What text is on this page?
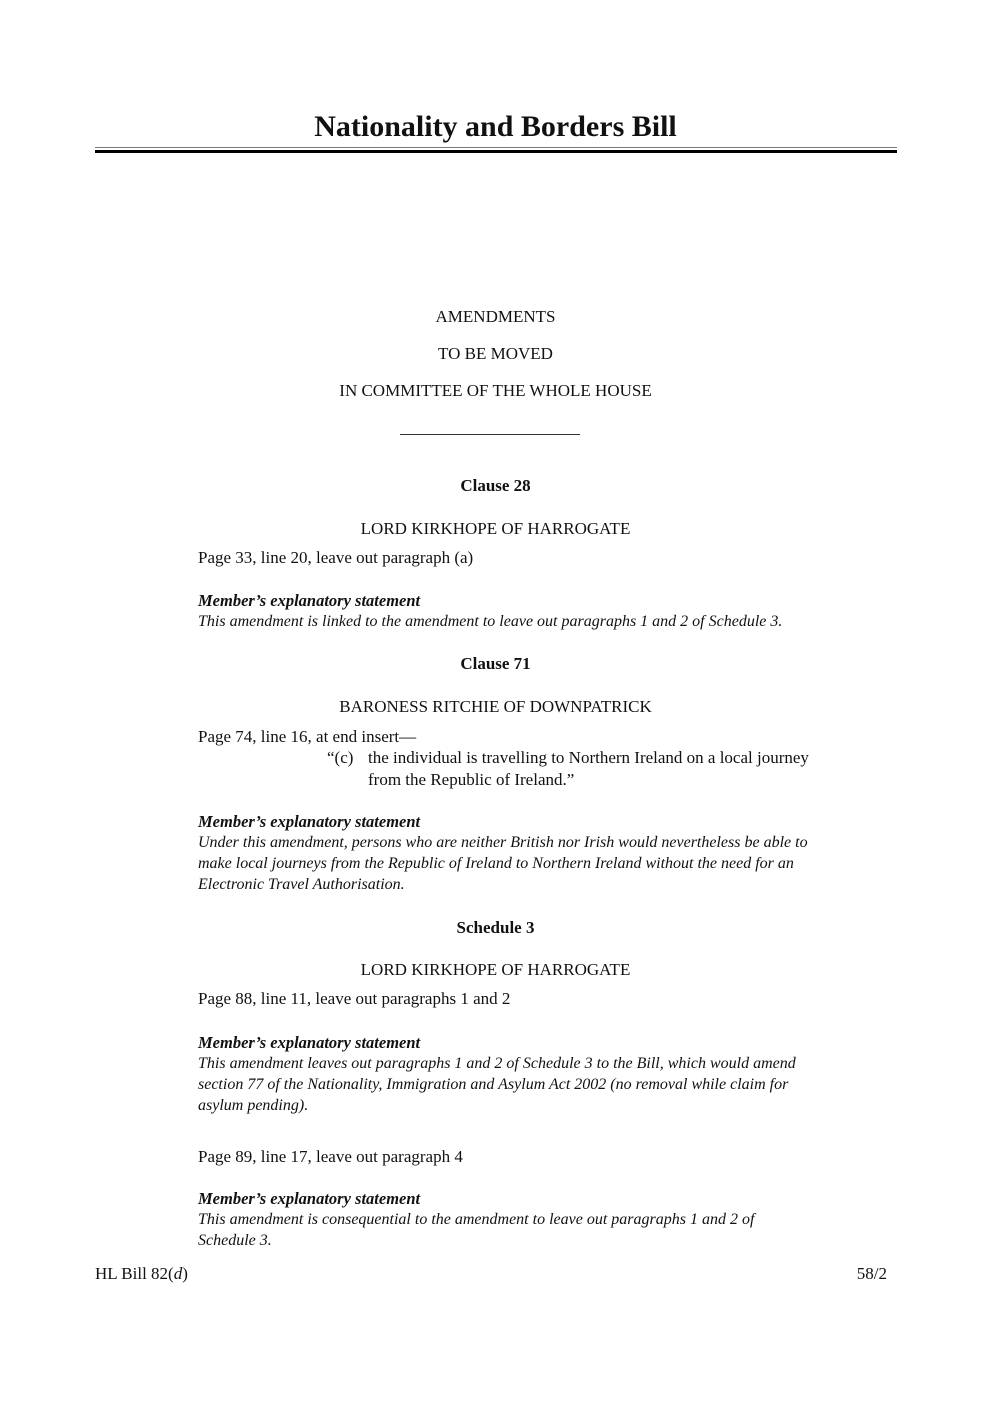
Nationality and Borders Bill
AMENDMENTS
TO BE MOVED
IN COMMITTEE OF THE WHOLE HOUSE
Clause 28
LORD KIRKHOPE OF HARROGATE
Page 33, line 20, leave out paragraph (a)
Member’s explanatory statement
This amendment is linked to the amendment to leave out paragraphs 1 and 2 of Schedule 3.
Clause 71
BARONESS RITCHIE OF DOWNPATRICK
Page 74, line 16, at end insert—
“(c) the individual is travelling to Northern Ireland on a local journey
from the Republic of Ireland.”
Member’s explanatory statement
Under this amendment, persons who are neither British nor Irish would nevertheless be able to
make local journeys from the Republic of Ireland to Northern Ireland without the need for an
Electronic Travel Authorisation.
Schedule 3
LORD KIRKHOPE OF HARROGATE
Page 88, line 11, leave out paragraphs 1 and 2
Member’s explanatory statement
This amendment leaves out paragraphs 1 and 2 of Schedule 3 to the Bill, which would amend
section 77 of the Nationality, Immigration and Asylum Act 2002 (no removal while claim for
asylum pending).
Page 89, line 17, leave out paragraph 4
Member’s explanatory statement
This amendment is consequential to the amendment to leave out paragraphs 1 and 2 of
Schedule 3.
HL Bill 82(d)	58/2
